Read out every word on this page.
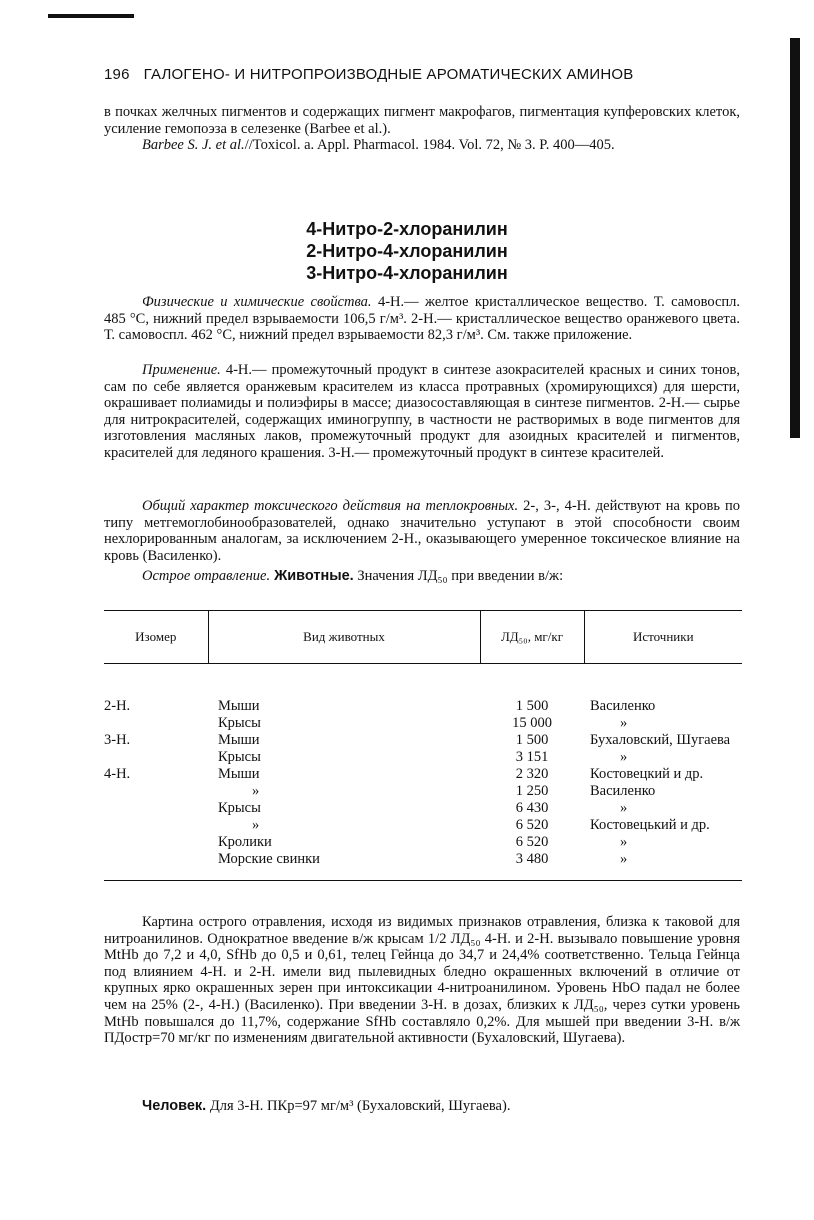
196 ГАЛОГЕНО- И НИТРОПРОИЗВОДНЫЕ АРОМАТИЧЕСКИХ АМИНОВ

в почках желчных пигментов и содержащих пигмент макрофагов, пигментация купферовских клеток, усиление гемопоэза в селезенке (Barbee et al.).
Barbee S. J. et al.//Toxicol. a. Appl. Pharmacol. 1984. Vol. 72, № 3. P. 400—405.

4-Нитро-2-хлоранилин
2-Нитро-4-хлоранилин
3-Нитро-4-хлоранилин

Физические и химические свойства. 4-Н.— желтое кристаллическое вещество. Т. самовоспл. 485 °С, нижний предел взрываемости 106,5 г/м³. 2-Н.— кристаллическое вещество оранжевого цвета. Т. самовоспл. 462 °С, нижний предел взрываемости 82,3 г/м³. См. также приложение.

Применение. 4-Н.— промежуточный продукт в синтезе азокрасителей красных и синих тонов, сам по себе является оранжевым красителем из класса протравных (хромирующихся) для шерсти, окрашивает полиамиды и полиэфиры в массе; диазосоставляющая в синтезе пигментов. 2-Н.— сырье для нитрокрасителей, содержащих иминогруппу, в частности не растворимых в воде пигментов для изготовления масляных лаков, промежуточный продукт для азоидных красителей и пигментов, красителей для ледяного крашения. 3-Н.— промежуточный продукт в синтезе красителей.

Общий характер токсического действия на теплокровных. 2-, 3-, 4-Н. действуют на кровь по типу метгемоглобинообразователей, однако значительно уступают в этой способности своим нехлорированным аналогам, за исключением 2-Н., оказывающего умеренное токсическое влияние на кровь (Василенко).

Острое отравление. Животные. Значения ЛД₅₀ при введении в/ж:

Изомер	Вид животных	ЛД₅₀, мг/кг	Источники
2-Н.	Мыши	1 500	Василенко
	Крысы	15 000	»
3-Н.	Мыши	1 500	Бухаловский, Шугаева
	Крысы	3 151	»
4-Н.	Мыши	2 320	Костовецкий и др.
	»	1 250	Василенко
	Крысы	6 430	»
	»	6 520	Костовецький и др.
	Кролики	6 520	»
	Морские свинки	3 480	»

Картина острого отравления, исходя из видимых признаков отравления, близка к таковой для нитроанилинов. Однократное введение в/ж крысам 1/2 ЛД₅₀ 4-Н. и 2-Н. вызывало повышение уровня MtHb до 7,2 и 4,0, SfHb до 0,5 и 0,61, телец Гейнца до 34,7 и 24,4% соответственно. Тельца Гейнца под влиянием 4-Н. и 2-Н. имели вид пылевидных бледно окрашенных включений в отличие от крупных ярко окрашенных зерен при интоксикации 4-нитроанилином. Уровень НbО падал не более чем на 25% (2-, 4-Н.) (Василенко). При введении 3-Н. в дозах, близких к ЛД₅₀, через сутки уровень MtHb повышался до 11,7%, содержание SfHb составляло 0,2%. Для мышей при введении 3-Н. в/ж ПДостр=70 мг/кг по изменениям двигательной активности (Бухаловский, Шугаева).

Человек. Для 3-Н. ПКр=97 мг/м³ (Бухаловский, Шугаева).
